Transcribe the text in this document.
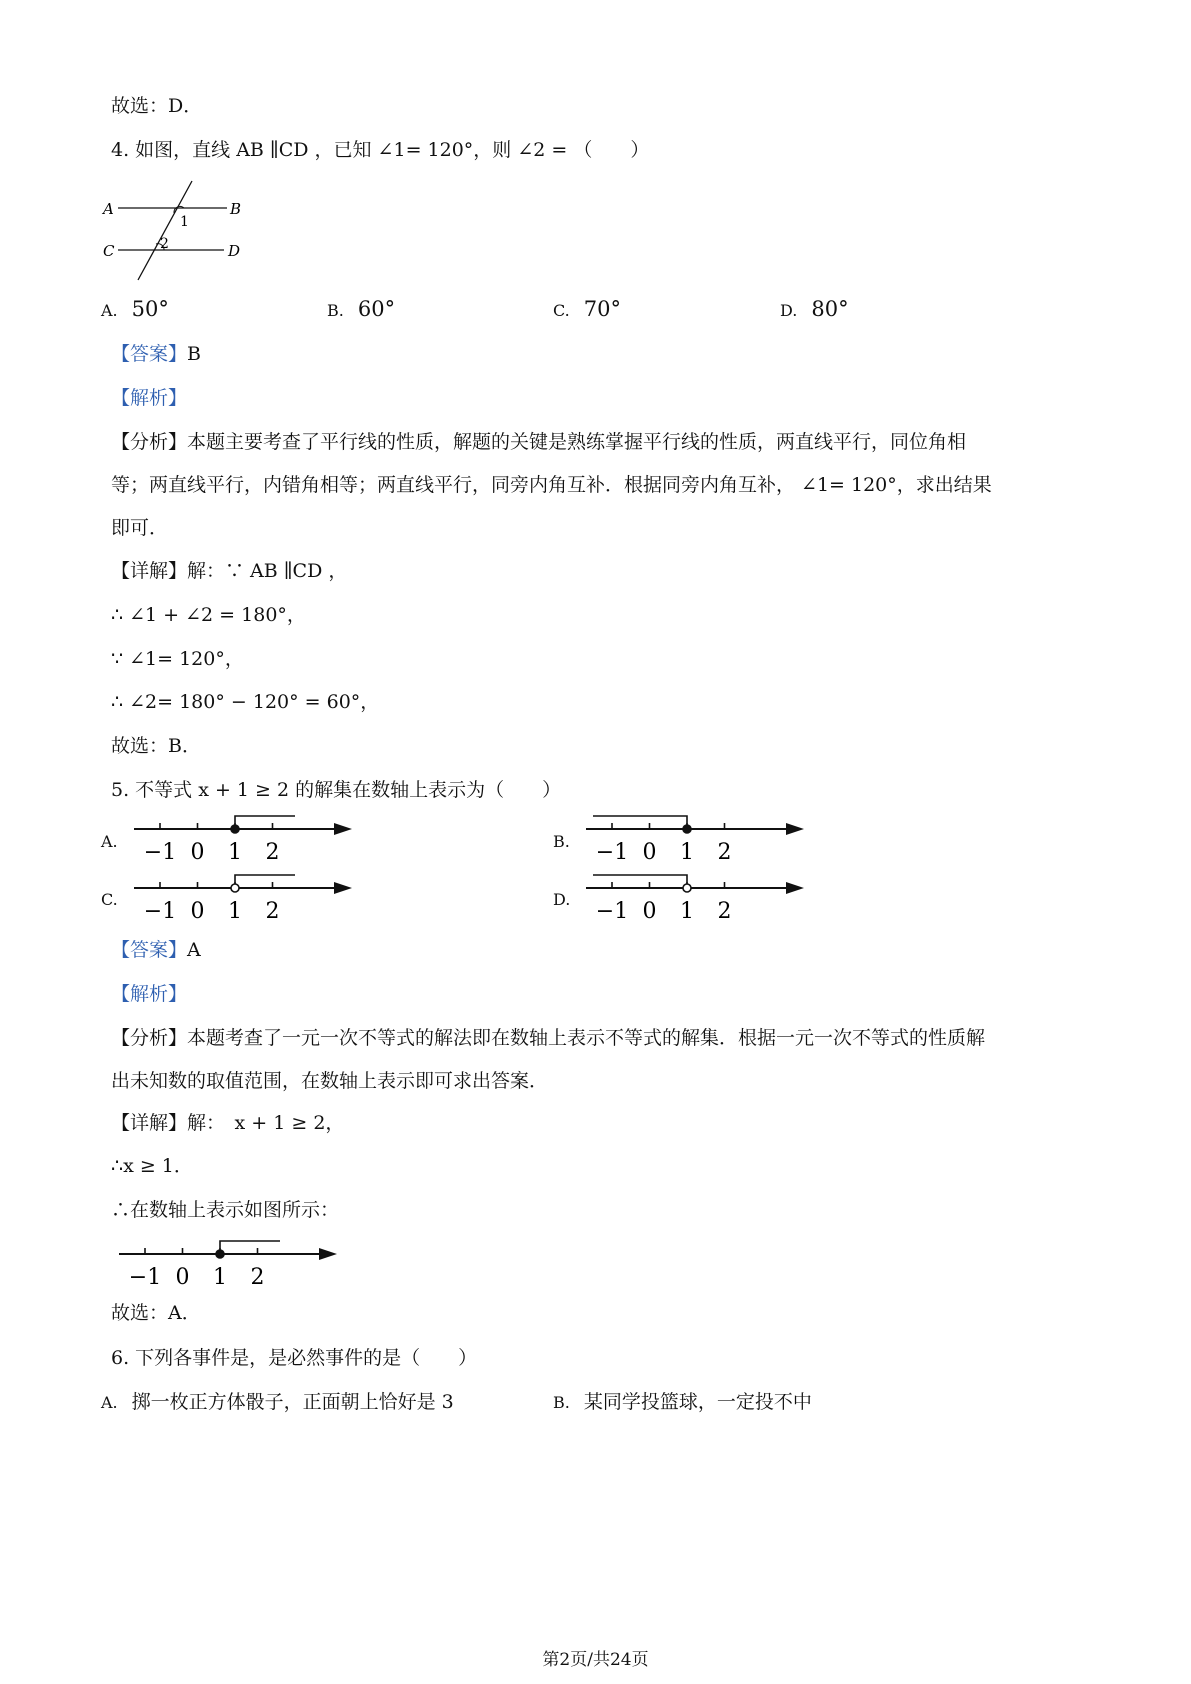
故选：D．
4. 如图，直线 AB ∥CD ，已知 ∠1= 120°，则 ∠2 = （　　）
A	B
C	D
1
2
A. 50°	B. 60°	C. 70°	D. 80°
【答案】B
【解析】
【分析】本题主要考查了平行线的性质，解题的关键是熟练掌握平行线的性质，两直线平行，同位角相
等；两直线平行，内错角相等；两直线平行，同旁内角互补．根据同旁内角互补， ∠1= 120°，求出结果
即可．
【详解】解：∵ AB ∥CD ，
∴ ∠1 + ∠2 = 180°，
∵ ∠1= 120°，
∴ ∠2= 180° − 120° = 60°，
故选：B．
5. 不等式 x + 1 ≥ 2 的解集在数轴上表示为（　　）
A.	B.
C.	D.
−1 0 1 2	−1 0 1 2
−1 0 1 2	−1 0 1 2
−1 0 1 2
【答案】A
【解析】
【分析】本题考查了一元一次不等式的解法即在数轴上表示不等式的解集．根据一元一次不等式的性质解
出未知数的取值范围，在数轴上表示即可求出答案．
【详解】解：　x + 1 ≥ 2，
∴x ≥ 1．
∴在数轴上表示如图所示：
故选：A．
6. 下列各事件是，是必然事件的是（　　）
A. 掷一枚正方体骰子，正面朝上恰好是 3	B. 某同学投篮球，一定投不中
第2页/共24页
